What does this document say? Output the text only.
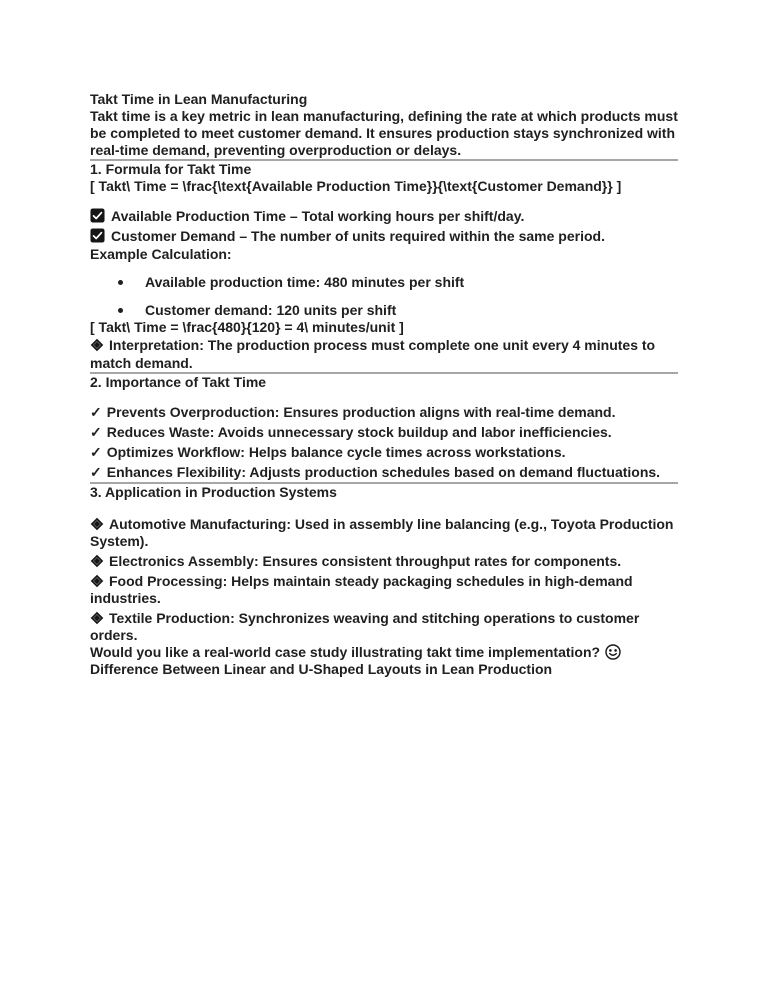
Takt Time in Lean Manufacturing

Takt time is a key metric in lean manufacturing, defining the rate at which products must be completed to meet customer demand. It ensures production stays synchronized with real-time demand, preventing overproduction or delays.

1. Formula for Takt Time

[ Takt\ Time = \frac{\text{Available Production Time}}{\text{Customer Demand}} ]

Available Production Time – Total working hours per shift/day.
Customer Demand – The number of units required within the same period.

Example Calculation:

Available production time: 480 minutes per shift
Customer demand: 120 units per shift

[ Takt\ Time = \frac{480}{120} = 4\ minutes/unit ]

Interpretation: The production process must complete one unit every 4 minutes to match demand.

2. Importance of Takt Time

✓ Prevents Overproduction: Ensures production aligns with real-time demand.
✓ Reduces Waste: Avoids unnecessary stock buildup and labor inefficiencies.
✓ Optimizes Workflow: Helps balance cycle times across workstations.
✓ Enhances Flexibility: Adjusts production schedules based on demand fluctuations.

3. Application in Production Systems

Automotive Manufacturing: Used in assembly line balancing (e.g., Toyota Production System).
Electronics Assembly: Ensures consistent throughput rates for components.
Food Processing: Helps maintain steady packaging schedules in high-demand industries.
Textile Production: Synchronizes weaving and stitching operations to customer orders.

Would you like a real-world case study illustrating takt time implementation?

Difference Between Linear and U-Shaped Layouts in Lean Production
